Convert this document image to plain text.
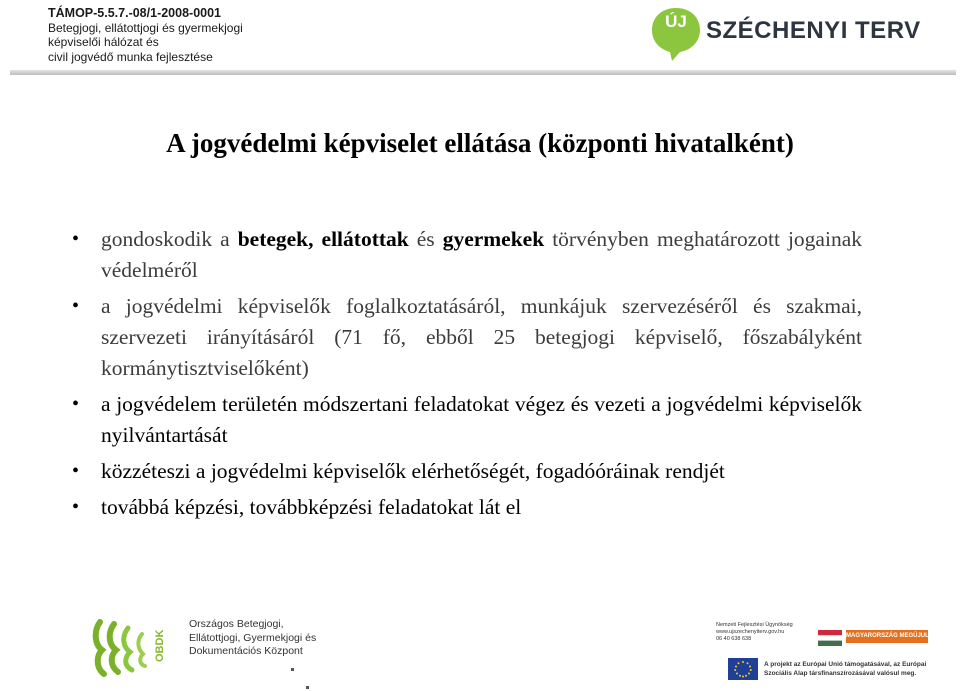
TÁMOP-5.5.7.-08/1-2008-0001
Betegjogi, ellátottjogi és gyermekjogi
képviselői hálózat és
civil jogvédő munka fejlesztése
ÚJ SZÉCHENYI TERV
A jogvédelmi képviselet ellátása (központi hivatalként)
• gondoskodik a betegek, ellátottak és gyermekek törvényben meghatározott jogainak védelméről
• a jogvédelmi képviselők foglalkoztatásáról, munkájuk szervezéséről és szakmai, szervezeti irányításáról (71 fő, ebből 25 betegjogi képviselő, főszabályként kormánytisztviselőként)
• a jogvédelem területén módszertani feladatokat végez és vezeti a jogvédelmi képviselők nyilvántartását
• közzéteszi a jogvédelmi képviselők elérhetőségét, fogadóóráinak rendjét
• továbbá képzési, továbbképzési feladatokat lát el
OBDK
Országos Betegjogi,
Ellátottjogi, Gyermekjogi és
Dokumentációs Központ
Nemzeti Fejlesztési Ügynökség
www.ujszechenyiterv.gov.hu
06 40 638 638	MAGYARORSZÁG MEGÚJUL
A projekt az Európai Unió támogatásával, az Európai
Szociális Alap társfinanszírozásával valósul meg.
